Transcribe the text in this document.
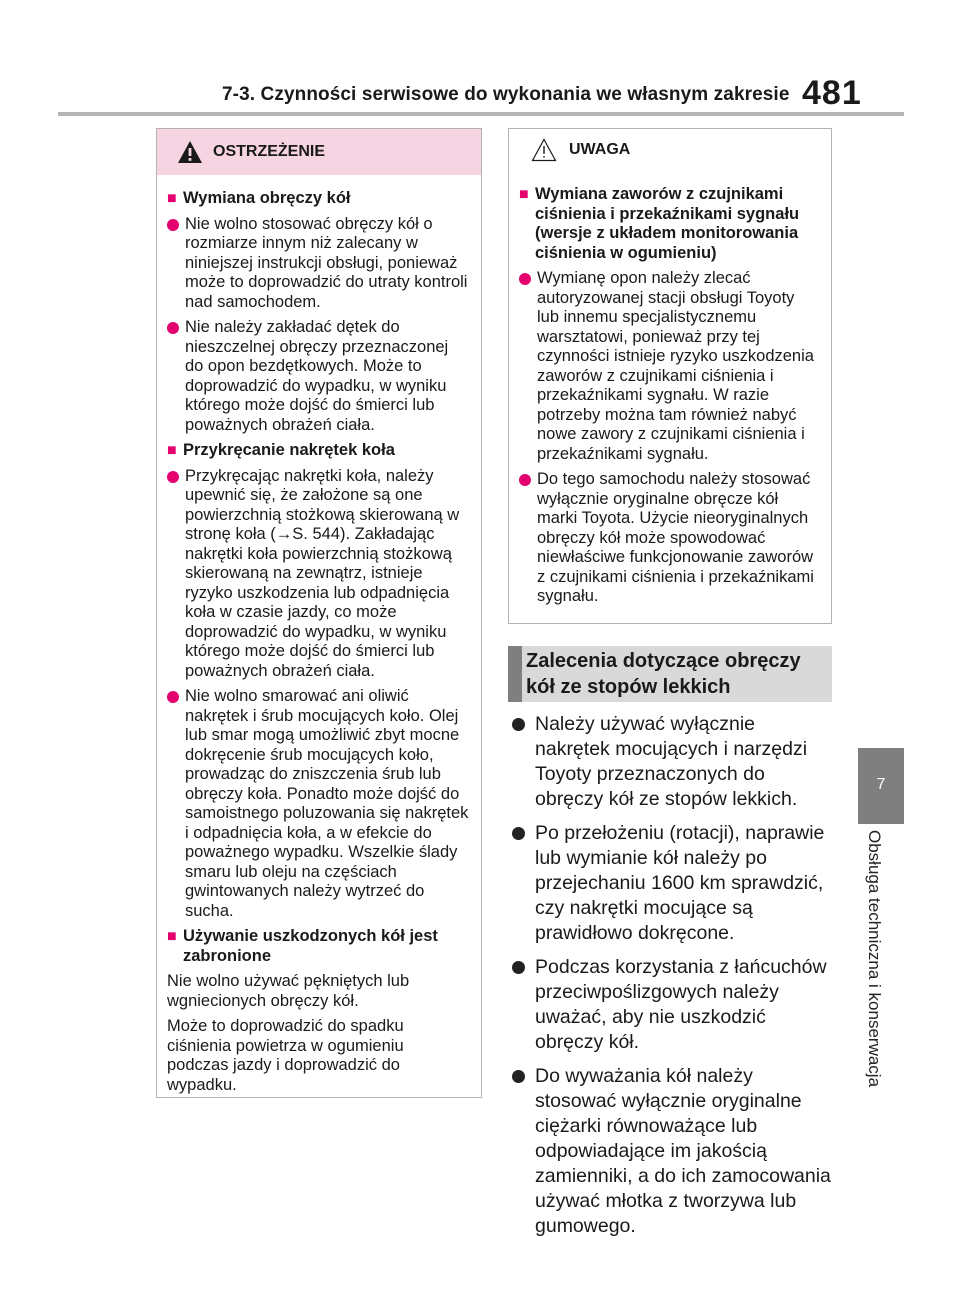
7-3. Czynności serwisowe do wykonania we własnym zakresie 481
7
Obsługa techniczna i konserwacja
OSTRZEŻENIE
■ Wymiana obręczy kół
Nie wolno stosować obręczy kół o rozmiarze innym niż zalecany w niniejszej instrukcji obsługi, ponieważ może to doprowadzić do utraty kontroli nad samochodem.
Nie należy zakładać dętek do nieszczelnej obręczy przeznaczonej do opon bezdętkowych. Może to doprowadzić do wypadku, w wyniku którego może dojść do śmierci lub poważnych obrażeń ciała.
■ Przykręcanie nakrętek koła
Przykręcając nakrętki koła, należy upewnić się, że założone są one powierzchnią stożkową skierowaną w stronę koła (→S. 544). Zakładając nakrętki koła powierzchnią stożkową skierowaną na zewnątrz, istnieje ryzyko uszkodzenia lub odpadnięcia koła w czasie jazdy, co może doprowadzić do wypadku, w wyniku którego może dojść do śmierci lub poważnych obrażeń ciała.
Nie wolno smarować ani oliwić nakrętek i śrub mocujących koło. Olej lub smar mogą umożliwić zbyt mocne dokręcenie śrub mocujących koło, prowadząc do zniszczenia śrub lub obręczy koła. Ponadto może dojść do samoistnego poluzowania się nakrętek i odpadnięcia koła, a w efekcie do poważnego wypadku. Wszelkie ślady smaru lub oleju na częściach gwintowanych należy wytrzeć do sucha.
■ Używanie uszkodzonych kół jest zabronione
Nie wolno używać pękniętych lub wgniecionych obręczy kół.
Może to doprowadzić do spadku ciśnienia powietrza w ogumieniu podczas jazdy i doprowadzić do wypadku.
UWAGA
■ Wymiana zaworów z czujnikami ciśnienia i przekaźnikami sygnału (wersje z układem monitorowania ciśnienia w ogumieniu)
Wymianę opon należy zlecać autoryzowanej stacji obsługi Toyoty lub innemu specjalistycznemu warsztatowi, ponieważ przy tej czynności istnieje ryzyko uszkodzenia zaworów z czujnikami ciśnienia i przekaźnikami sygnału. W razie potrzeby można tam również nabyć nowe zawory z czujnikami ciśnienia i przekaźnikami sygnału.
Do tego samochodu należy stosować wyłącznie oryginalne obręcze kół marki Toyota. Użycie nieoryginalnych obręczy kół może spowodować niewłaściwe funkcjonowanie zaworów z czujnikami ciśnienia i przekaźnikami sygnału.
Zalecenia dotyczące obręczy kół ze stopów lekkich
Należy używać wyłącznie nakrętek mocujących i narzędzi Toyoty przeznaczonych do obręczy kół ze stopów lekkich.
Po przełożeniu (rotacji), naprawie lub wymianie kół należy po przejechaniu 1600 km sprawdzić, czy nakrętki mocujące są prawidłowo dokręcone.
Podczas korzystania z łańcuchów przeciwpoślizgowych należy uważać, aby nie uszkodzić obręczy kół.
Do wyważania kół należy stosować wyłącznie oryginalne ciężarki równoważące lub odpowiadające im jakością zamienniki, a do ich zamocowania używać młotka z tworzywa lub gumowego.
